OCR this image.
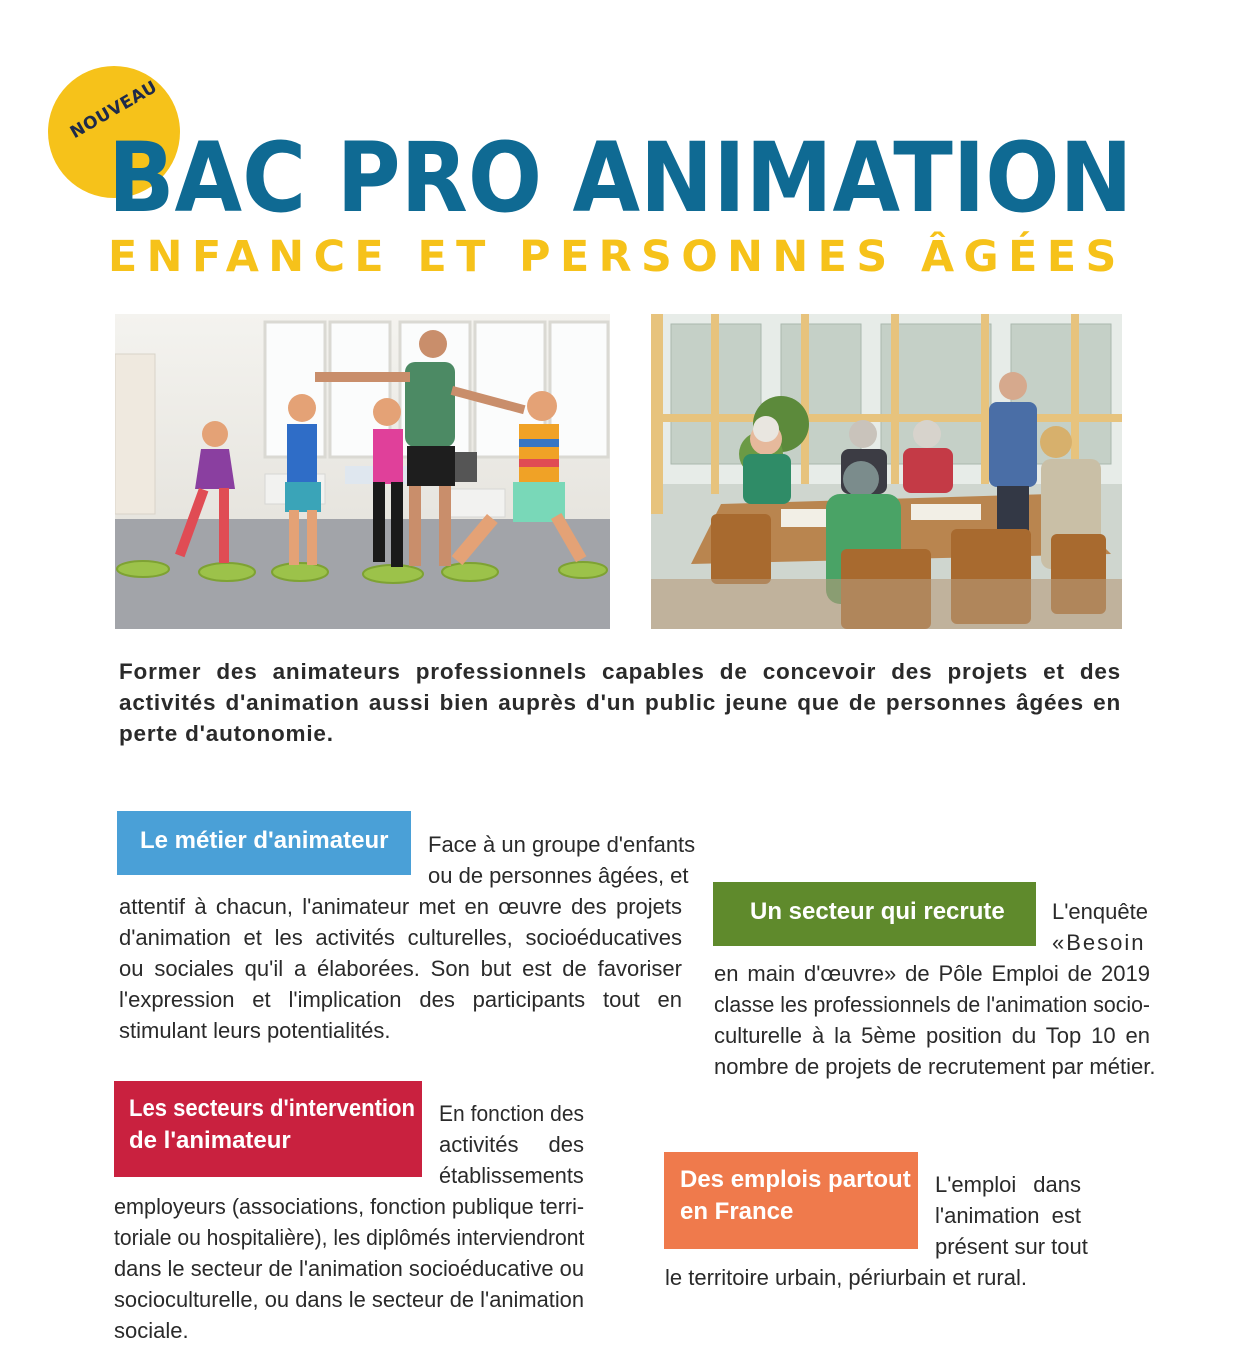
NOUVEAU
BAC PRO ANIMATION
ENFANCE ET PERSONNES ÂGÉES
Former des animateurs professionnels capables de concevoir des projets et des activités d'animation aussi bien auprès d'un public jeune que de personnes âgées en perte d'autonomie.
Le métier d'animateur	Face à un groupe d'enfants
ou de personnes âgées, et
attentif à chacun, l'animateur met en œuvre des projets
d'animation et les activités culturelles, socioéducatives
ou sociales qu'il a élaborées. Son but est de favoriser
l'expression et l'implication des participants tout en
stimulant leurs potentialités.
Les secteurs d'intervention de l'animateur
En fonction des
activités des
établissements
employeurs (associations, fonction publique terri-
toriale ou hospitalière), les diplômés interviendront
dans le secteur de l'animation socioéducative ou
socioculturelle, ou dans le secteur de l'animation
sociale.
Un secteur qui recrute	L'enquête
«Besoin
en main d'œuvre» de Pôle Emploi de 2019
classe les professionnels de l'animation socio-
culturelle à la 5ème position du Top 10 en
nombre de projets de recrutement par métier.
Des emplois partout en France
L'emploi dans
l'animation est
présent sur tout
le territoire urbain, périurbain et rural.
